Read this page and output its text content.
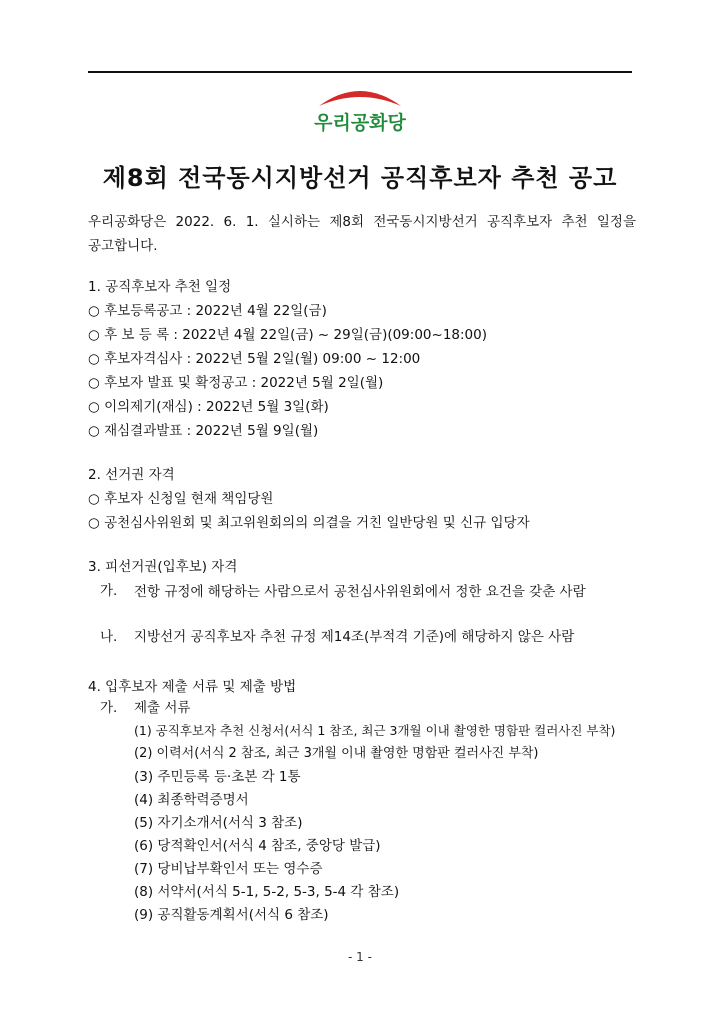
우리공화당
제8회 전국동시지방선거 공직후보자 추천 공고
우리공화당은 2022. 6. 1. 실시하는 제8회 전국동시지방선거 공직후보자 추천 일정을 공고합니다.
1. 공직후보자 추천 일정
○ 후보등록공고 : 2022년 4월 22일(금)
○ 후 보 등 록 : 2022년 4월 22일(금) ~ 29일(금)(09:00~18:00)
○ 후보자격심사 : 2022년 5월 2일(월) 09:00 ~ 12:00
○ 후보자 발표 및 확정공고 : 2022년 5월 2일(월)
○ 이의제기(재심) : 2022년 5월 3일(화)
○ 재심결과발표 : 2022년 5월 9일(월)
2. 선거권 자격
○ 후보자 신청일 현재 책임당원
○ 공천심사위원회 및 최고위원회의의 의결을 거친 일반당원 및 신규 입당자
3. 피선거권(입후보) 자격
가. 전항 규정에 해당하는 사람으로서 공천심사위원회에서 정한 요건을 갖춘 사람
나. 지방선거 공직후보자 추천 규정 제14조(부적격 기준)에 해당하지 않은 사람
4. 입후보자 제출 서류 및 제출 방법
가. 제출 서류
(1) 공직후보자 추천 신청서(서식 1 참조, 최근 3개월 이내 촬영한 명함판 컬러사진 부착)
(2) 이력서(서식 2 참조, 최근 3개월 이내 촬영한 명함판 컬러사진 부착)
(3) 주민등록 등·초본 각 1통
(4) 최종학력증명서
(5) 자기소개서(서식 3 참조)
(6) 당적확인서(서식 4 참조, 중앙당 발급)
(7) 당비납부확인서 또는 영수증
(8) 서약서(서식 5-1, 5-2, 5-3, 5-4 각 참조)
(9) 공직활동계획서(서식 6 참조)
- 1 -
